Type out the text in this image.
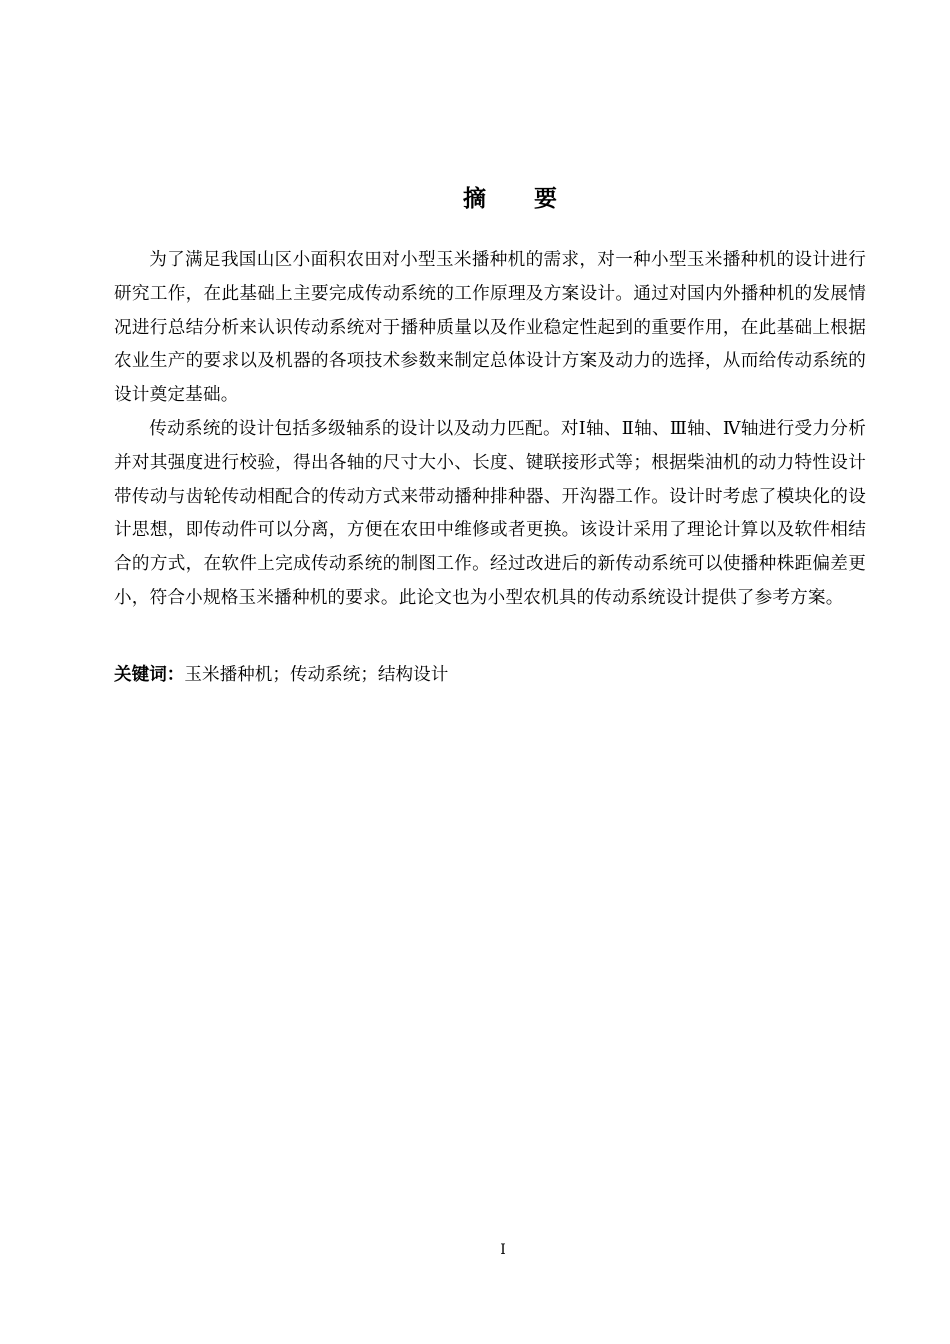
摘 要

为了满足我国山区小面积农田对小型玉米播种机的需求，对一种小型玉米播种机的设计进行研究工作，在此基础上主要完成传动系统的工作原理及方案设计。通过对国内外播种机的发展情况进行总结分析来认识传动系统对于播种质量以及作业稳定性起到的重要作用，在此基础上根据农业生产的要求以及机器的各项技术参数来制定总体设计方案及动力的选择，从而给传动系统的设计奠定基础。

传动系统的设计包括多级轴系的设计以及动力匹配。对Ⅰ轴、Ⅱ轴、Ⅲ轴、Ⅳ轴进行受力分析并对其强度进行校验，得出各轴的尺寸大小、长度、键联接形式等；根据柴油机的动力特性设计带传动与齿轮传动相配合的传动方式来带动播种排种器、开沟器工作。设计时考虑了模块化的设计思想，即传动件可以分离，方便在农田中维修或者更换。该设计采用了理论计算以及软件相结合的方式，在软件上完成传动系统的制图工作。经过改进后的新传动系统可以使播种株距偏差更小，符合小规格玉米播种机的要求。此论文也为小型农机具的传动系统设计提供了参考方案。

关键词：玉米播种机；传动系统；结构设计

I
